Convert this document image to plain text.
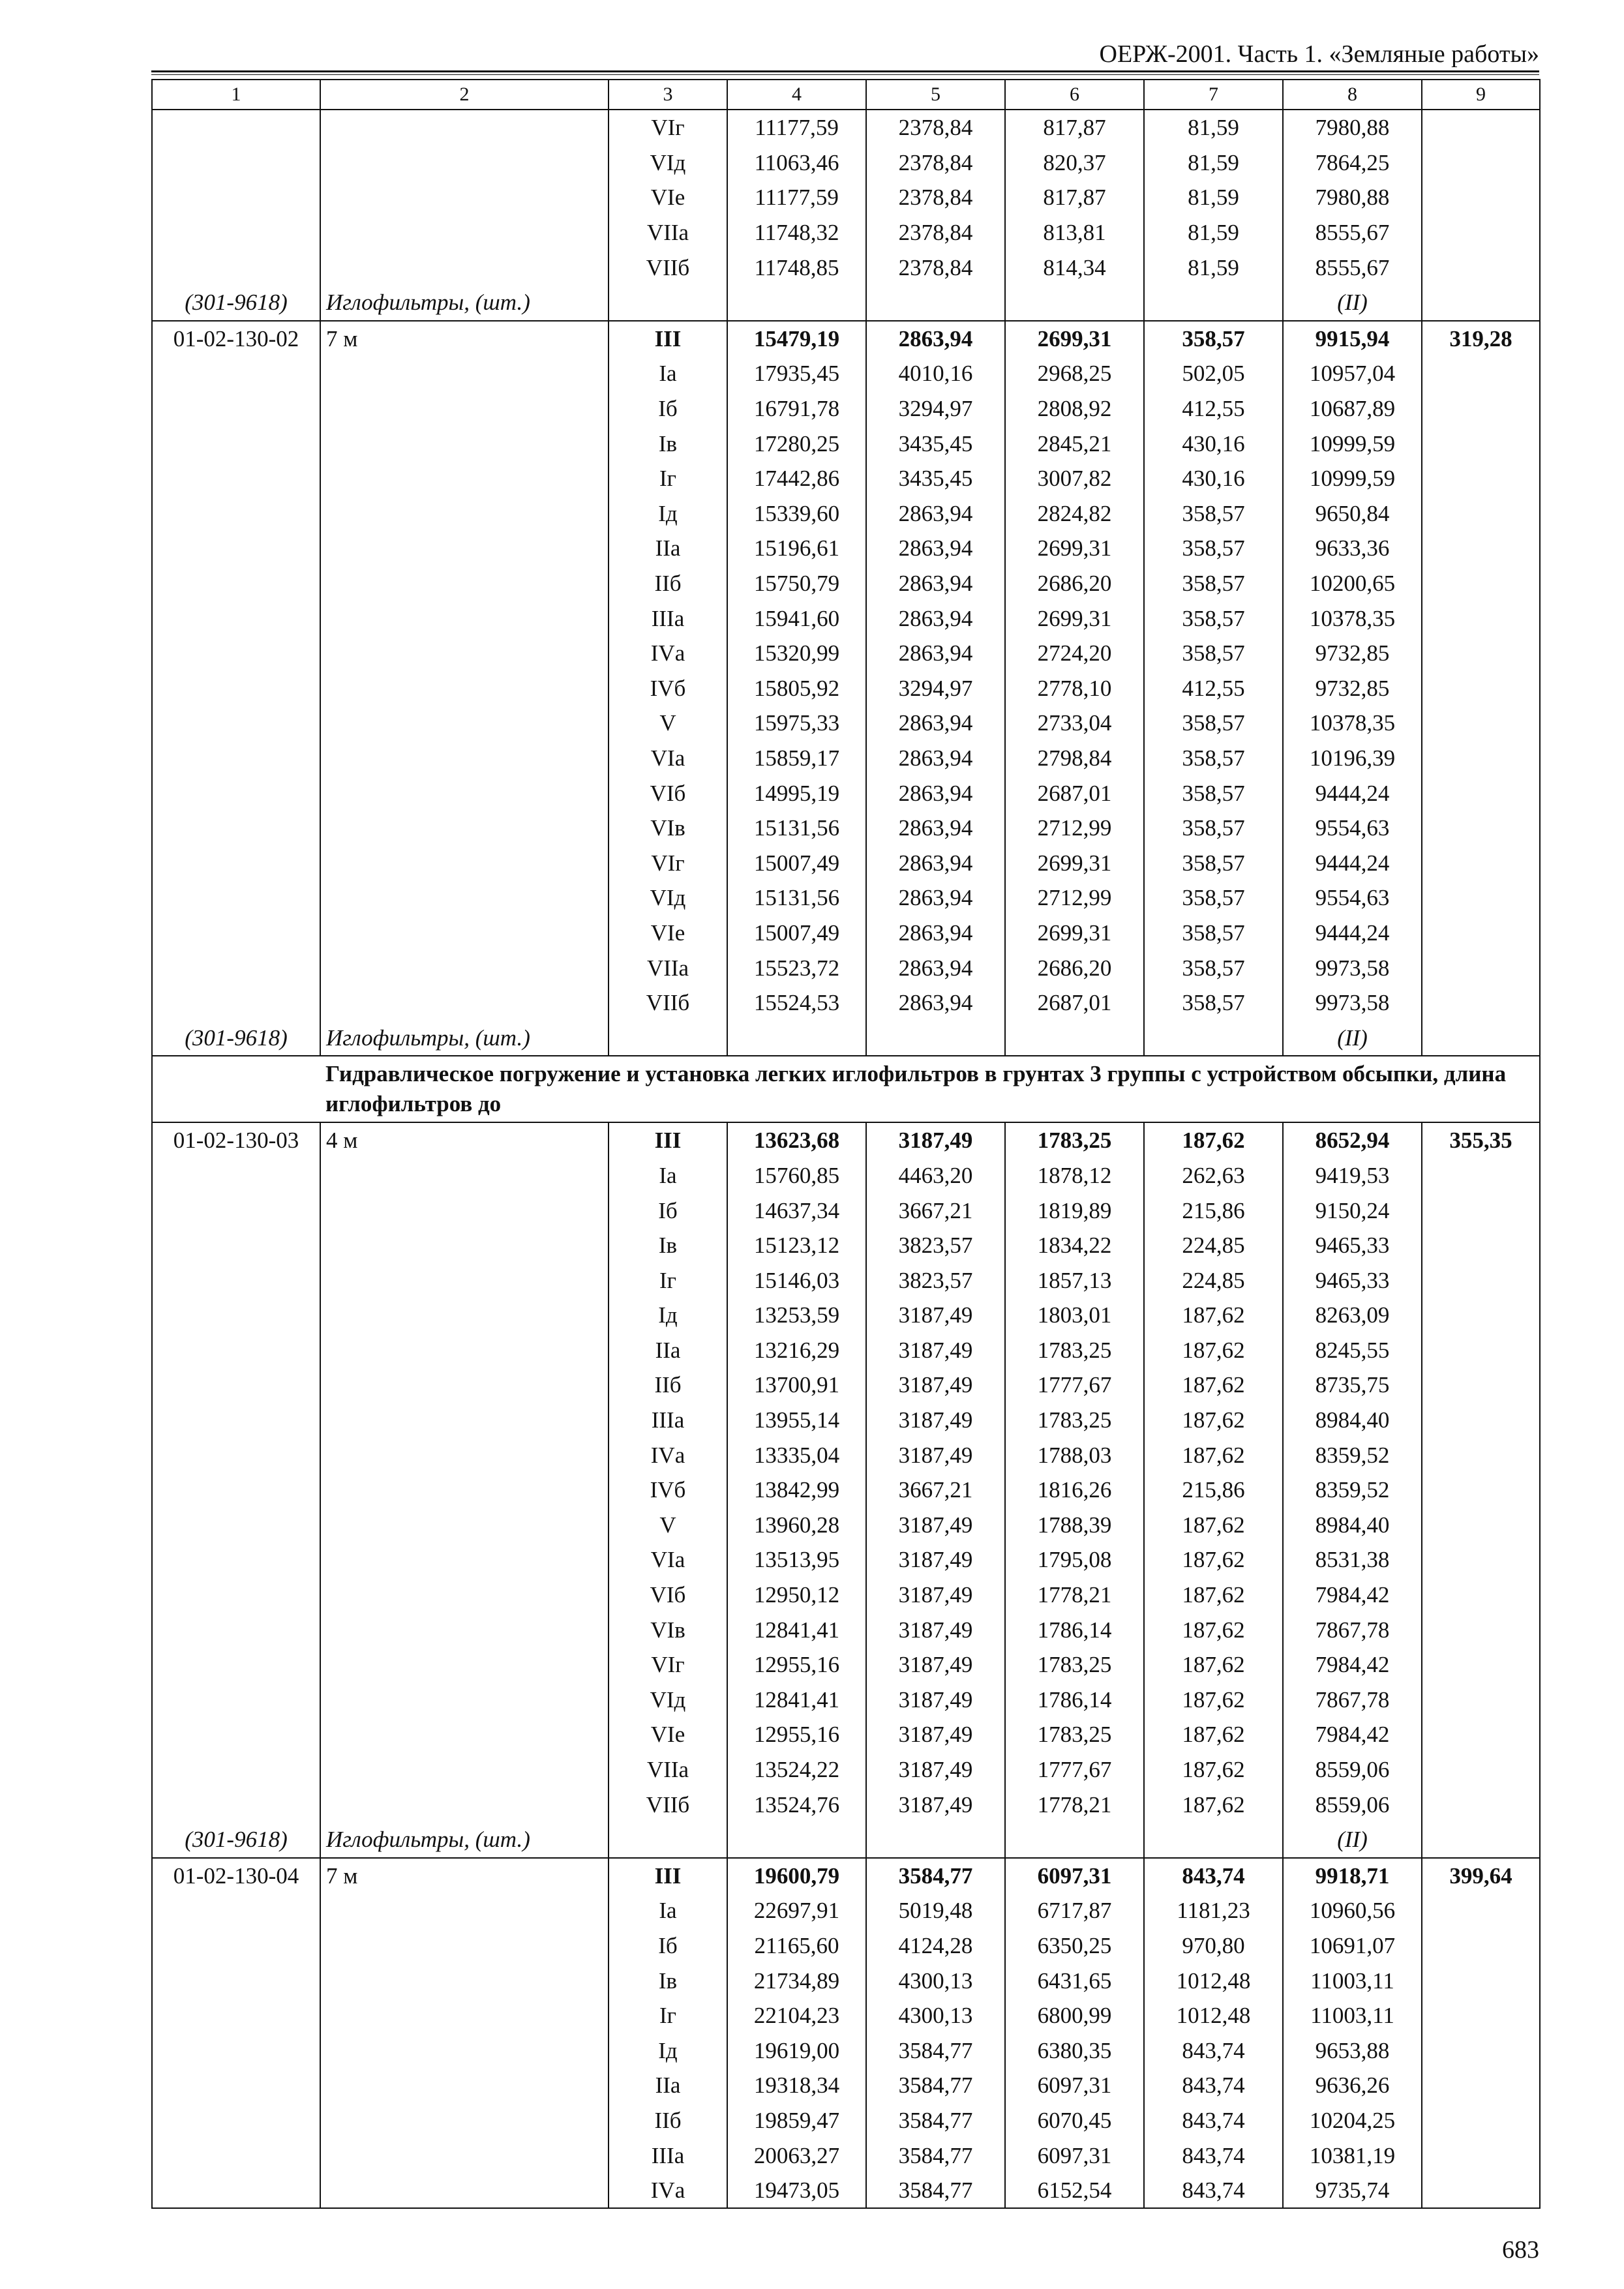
ОЕРЖ-2001. Часть 1. «Земляные работы»
1	2	3	4	5	6	7	8	9
		VIг	11177,59	2378,84	817,87	81,59	7980,88	
		VIд	11063,46	2378,84	820,37	81,59	7864,25	
		VIе	11177,59	2378,84	817,87	81,59	7980,88	
		VIIа	11748,32	2378,84	813,81	81,59	8555,67	
		VIIб	11748,85	2378,84	814,34	81,59	8555,67	
(301-9618)	Иглофильтры, (шт.)						(II)	
01-02-130-02	7 м	III	15479,19	2863,94	2699,31	358,57	9915,94	319,28
		Iа	17935,45	4010,16	2968,25	502,05	10957,04	
		Iб	16791,78	3294,97	2808,92	412,55	10687,89	
		Iв	17280,25	3435,45	2845,21	430,16	10999,59	
		Iг	17442,86	3435,45	3007,82	430,16	10999,59	
		Iд	15339,60	2863,94	2824,82	358,57	9650,84	
		IIа	15196,61	2863,94	2699,31	358,57	9633,36	
		IIб	15750,79	2863,94	2686,20	358,57	10200,65	
		IIIа	15941,60	2863,94	2699,31	358,57	10378,35	
		IVа	15320,99	2863,94	2724,20	358,57	9732,85	
		IVб	15805,92	3294,97	2778,10	412,55	9732,85	
		V	15975,33	2863,94	2733,04	358,57	10378,35	
		VIа	15859,17	2863,94	2798,84	358,57	10196,39	
		VIб	14995,19	2863,94	2687,01	358,57	9444,24	
		VIв	15131,56	2863,94	2712,99	358,57	9554,63	
		VIг	15007,49	2863,94	2699,31	358,57	9444,24	
		VIд	15131,56	2863,94	2712,99	358,57	9554,63	
		VIе	15007,49	2863,94	2699,31	358,57	9444,24	
		VIIа	15523,72	2863,94	2686,20	358,57	9973,58	
		VIIб	15524,53	2863,94	2687,01	358,57	9973,58	
(301-9618)	Иглофильтры, (шт.)						(II)	
	Гидравлическое погружение и установка легких иглофильтров в грунтах 3 группы с устройством обсыпки, длина иглофильтров до							
01-02-130-03	4 м	III	13623,68	3187,49	1783,25	187,62	8652,94	355,35
		Iа	15760,85	4463,20	1878,12	262,63	9419,53	
		Iб	14637,34	3667,21	1819,89	215,86	9150,24	
		Iв	15123,12	3823,57	1834,22	224,85	9465,33	
		Iг	15146,03	3823,57	1857,13	224,85	9465,33	
		Iд	13253,59	3187,49	1803,01	187,62	8263,09	
		IIа	13216,29	3187,49	1783,25	187,62	8245,55	
		IIб	13700,91	3187,49	1777,67	187,62	8735,75	
		IIIа	13955,14	3187,49	1783,25	187,62	8984,40	
		IVа	13335,04	3187,49	1788,03	187,62	8359,52	
		IVб	13842,99	3667,21	1816,26	215,86	8359,52	
		V	13960,28	3187,49	1788,39	187,62	8984,40	
		VIа	13513,95	3187,49	1795,08	187,62	8531,38	
		VIб	12950,12	3187,49	1778,21	187,62	7984,42	
		VIв	12841,41	3187,49	1786,14	187,62	7867,78	
		VIг	12955,16	3187,49	1783,25	187,62	7984,42	
		VIд	12841,41	3187,49	1786,14	187,62	7867,78	
		VIе	12955,16	3187,49	1783,25	187,62	7984,42	
		VIIа	13524,22	3187,49	1777,67	187,62	8559,06	
		VIIб	13524,76	3187,49	1778,21	187,62	8559,06	
(301-9618)	Иглофильтры, (шт.)						(II)	
01-02-130-04	7 м	III	19600,79	3584,77	6097,31	843,74	9918,71	399,64
		Iа	22697,91	5019,48	6717,87	1181,23	10960,56	
		Iб	21165,60	4124,28	6350,25	970,80	10691,07	
		Iв	21734,89	4300,13	6431,65	1012,48	11003,11	
		Iг	22104,23	4300,13	6800,99	1012,48	11003,11	
		Iд	19619,00	3584,77	6380,35	843,74	9653,88	
		IIа	19318,34	3584,77	6097,31	843,74	9636,26	
		IIб	19859,47	3584,77	6070,45	843,74	10204,25	
		IIIа	20063,27	3584,77	6097,31	843,74	10381,19	
		IVа	19473,05	3584,77	6152,54	843,74	9735,74	
683
